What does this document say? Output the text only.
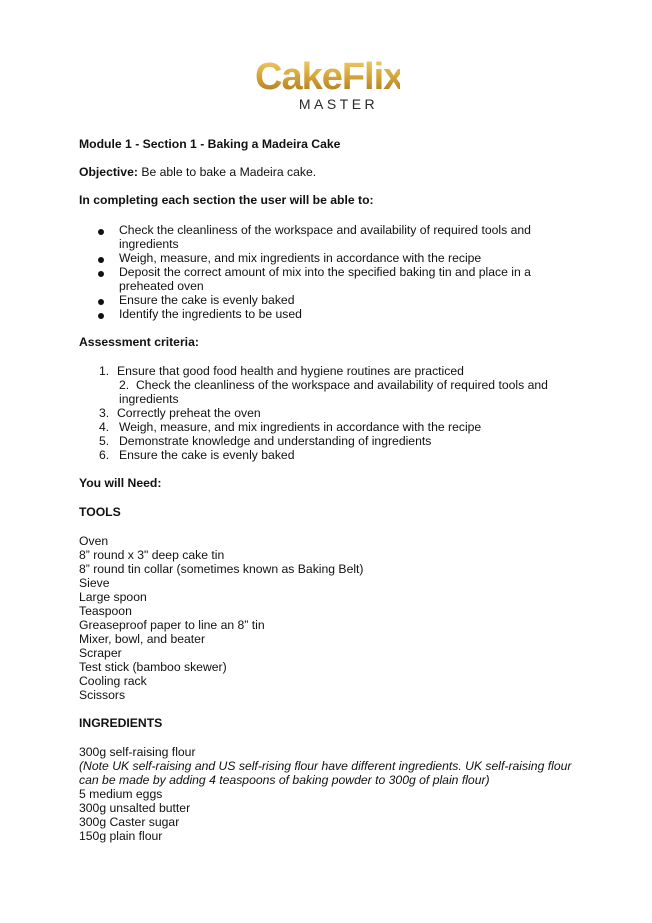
CakeFlix
MASTER
Module 1 - Section 1 - Baking a Madeira Cake
Objective: Be able to bake a Madeira cake.
In completing each section the user will be able to:
Check the cleanliness of the workspace and availability of required tools and
ingredients
Weigh, measure, and mix ingredients in accordance with the recipe
Deposit the correct amount of mix into the specified baking tin and place in a
preheated oven
Ensure the cake is evenly baked
Identify the ingredients to be used
Assessment criteria:
1. Ensure that good food health and hygiene routines are practiced
2. Check the cleanliness of the workspace and availability of required tools and
ingredients
3. Correctly preheat the oven
4. Weigh, measure, and mix ingredients in accordance with the recipe
5. Demonstrate knowledge and understanding of ingredients
6. Ensure the cake is evenly baked
You will Need:
TOOLS
Oven
8” round x 3" deep cake tin
8” round tin collar (sometimes known as Baking Belt)
Sieve
Large spoon
Teaspoon
Greaseproof paper to line an 8” tin
Mixer, bowl, and beater
Scraper
Test stick (bamboo skewer)
Cooling rack
Scissors
INGREDIENTS
300g self-raising flour
(Note UK self-raising and US self-rising flour have different ingredients. UK self-raising flour
can be made by adding 4 teaspoons of baking powder to 300g of plain flour)
5 medium eggs
300g unsalted butter
300g Caster sugar
150g plain flour
